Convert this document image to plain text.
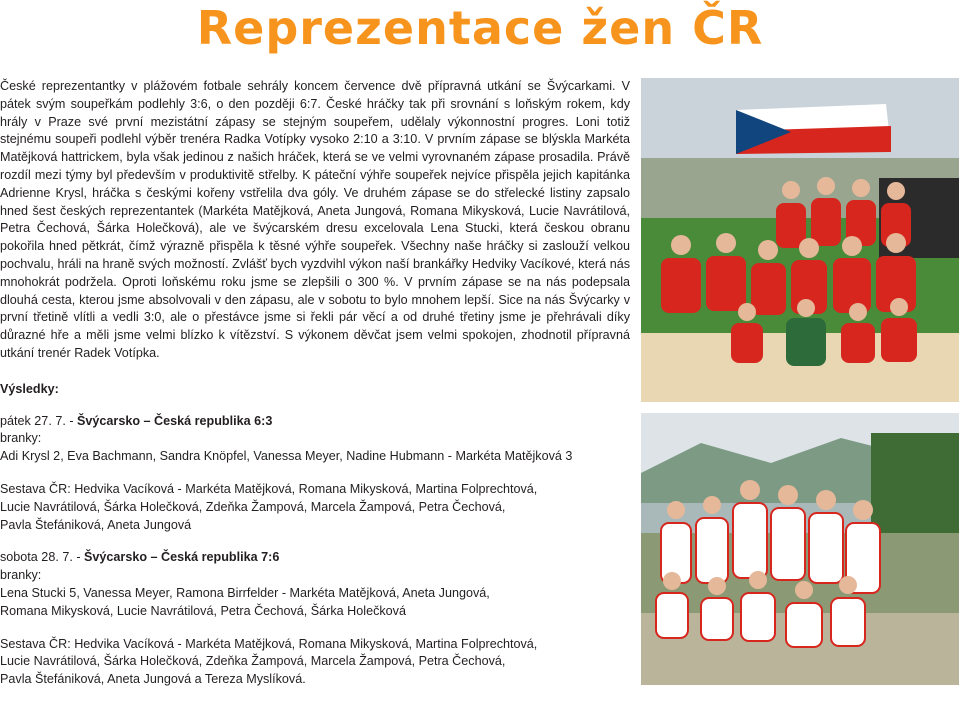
Reprezentace žen ČR

České reprezentantky v plážovém fotbale sehrály koncem července dvě přípravná utkání se Švýcarkami. V pátek svým soupeřkám podlehly 3:6, o den později 6:7. České hráčky tak při srovnání s loňským rokem, kdy hrály v Praze své první mezistátní zápasy se stejným soupeřem, udělaly výkonnostní progres. Loni totiž stejnému soupeři podlehl výběr trenéra Radka Votípky vysoko 2:10 a 3:10. V prvním zápase se blýskla Markéta Matějková hattrickem, byla však jedinou z našich hráček, která se ve velmi vyrovnaném zápase prosadila. Právě rozdíl mezi týmy byl především v produktivitě střelby. K páteční výhře soupeřek nejvíce přispěla jejich kapitánka Adrienne Krysl, hráčka s českými kořeny vstřelila dva góly. Ve druhém zápase se do střelecké listiny zapsalo hned šest českých reprezentantek (Markéta Matějková, Aneta Jungová, Romana Mikysková, Lucie Navrátilová, Petra Čechová, Šárka Holečková), ale ve švýcarském dresu excelovala Lena Stucki, která českou obranu pokořila hned pětkrát, čímž výrazně přispěla k těsné výhře soupeřek. Všechny naše hráčky si zaslouží velkou pochvalu, hráli na hraně svých možností. Zvlášť bych vyzdvihl výkon naší brankářky Hedviky Vacíkové, která nás mnohokrát podržela. Oproti loňskému roku jsme se zlepšili o 300 %. V prvním zápase se na nás podepsala dlouhá cesta, kterou jsme absolvovali v den zápasu, ale v sobotu to bylo mnohem lepší. Sice na nás Švýcarky v první třetině vlítli a vedli 3:0, ale o přestávce jsme si řekli pár věcí a od druhé třetiny jsme je přehrávali díky důrazné hře a měli jsme velmi blízko k vítězství. S výkonem děvčat jsem velmi spokojen, zhodnotil přípravná utkání trenér Radek Votípka.

Výsledky:
pátek 27. 7. - Švýcarsko – Česká republika 6:3
branky:
Adi Krysl 2, Eva Bachmann, Sandra Knöpfel, Vanessa Meyer, Nadine Hubmann - Markéta Matějková 3
Sestava ČR: Hedvika Vacíková - Markéta Matějková, Romana Mikysková, Martina Folprechtová,
Lucie Navrátilová, Šárka Holečková, Zdeňka Žampová, Marcela Žampová, Petra Čechová,
Pavla Štefániková, Aneta Jungová
sobota 28. 7. - Švýcarsko – Česká republika 7:6
branky:
Lena Stucki 5, Vanessa Meyer, Ramona Birrfelder - Markéta Matějková, Aneta Jungová,
Romana Mikysková, Lucie Navrátilová, Petra Čechová, Šárka Holečková
Sestava ČR: Hedvika Vacíková - Markéta Matějková, Romana Mikysková, Martina Folprechtová,
Lucie Navrátilová, Šárka Holečková, Zdeňka Žampová, Marcela Žampová, Petra Čechová,
Pavla Štefániková, Aneta Jungová a Tereza Myslíková.
